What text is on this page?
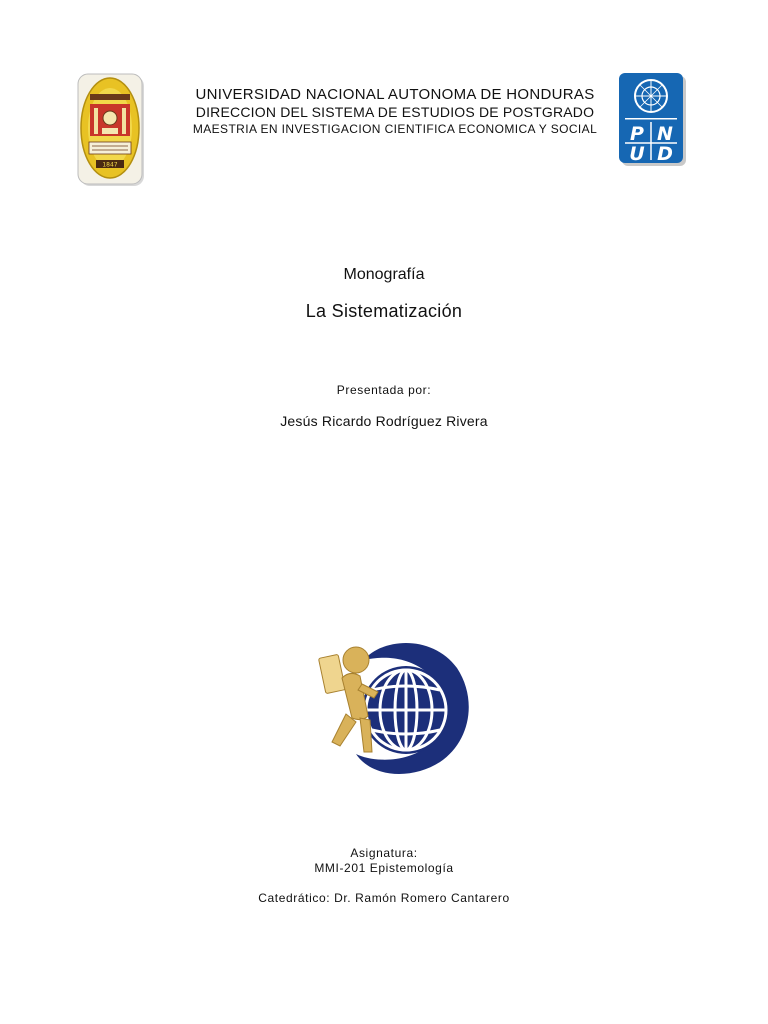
1847
UNIVERSIDAD NACIONAL AUTONOMA DE HONDURAS
DIRECCION DEL SISTEMA DE ESTUDIOS DE POSTGRADO
MAESTRIA EN INVESTIGACION CIENTIFICA ECONOMICA Y SOCIAL	P N
U D
Monografía
La Sistematización
Presentada por:
Jesús Ricardo Rodríguez Rivera
Asignatura:
MMI-201 Epistemología
Catedrático: Dr. Ramón Romero Cantarero
